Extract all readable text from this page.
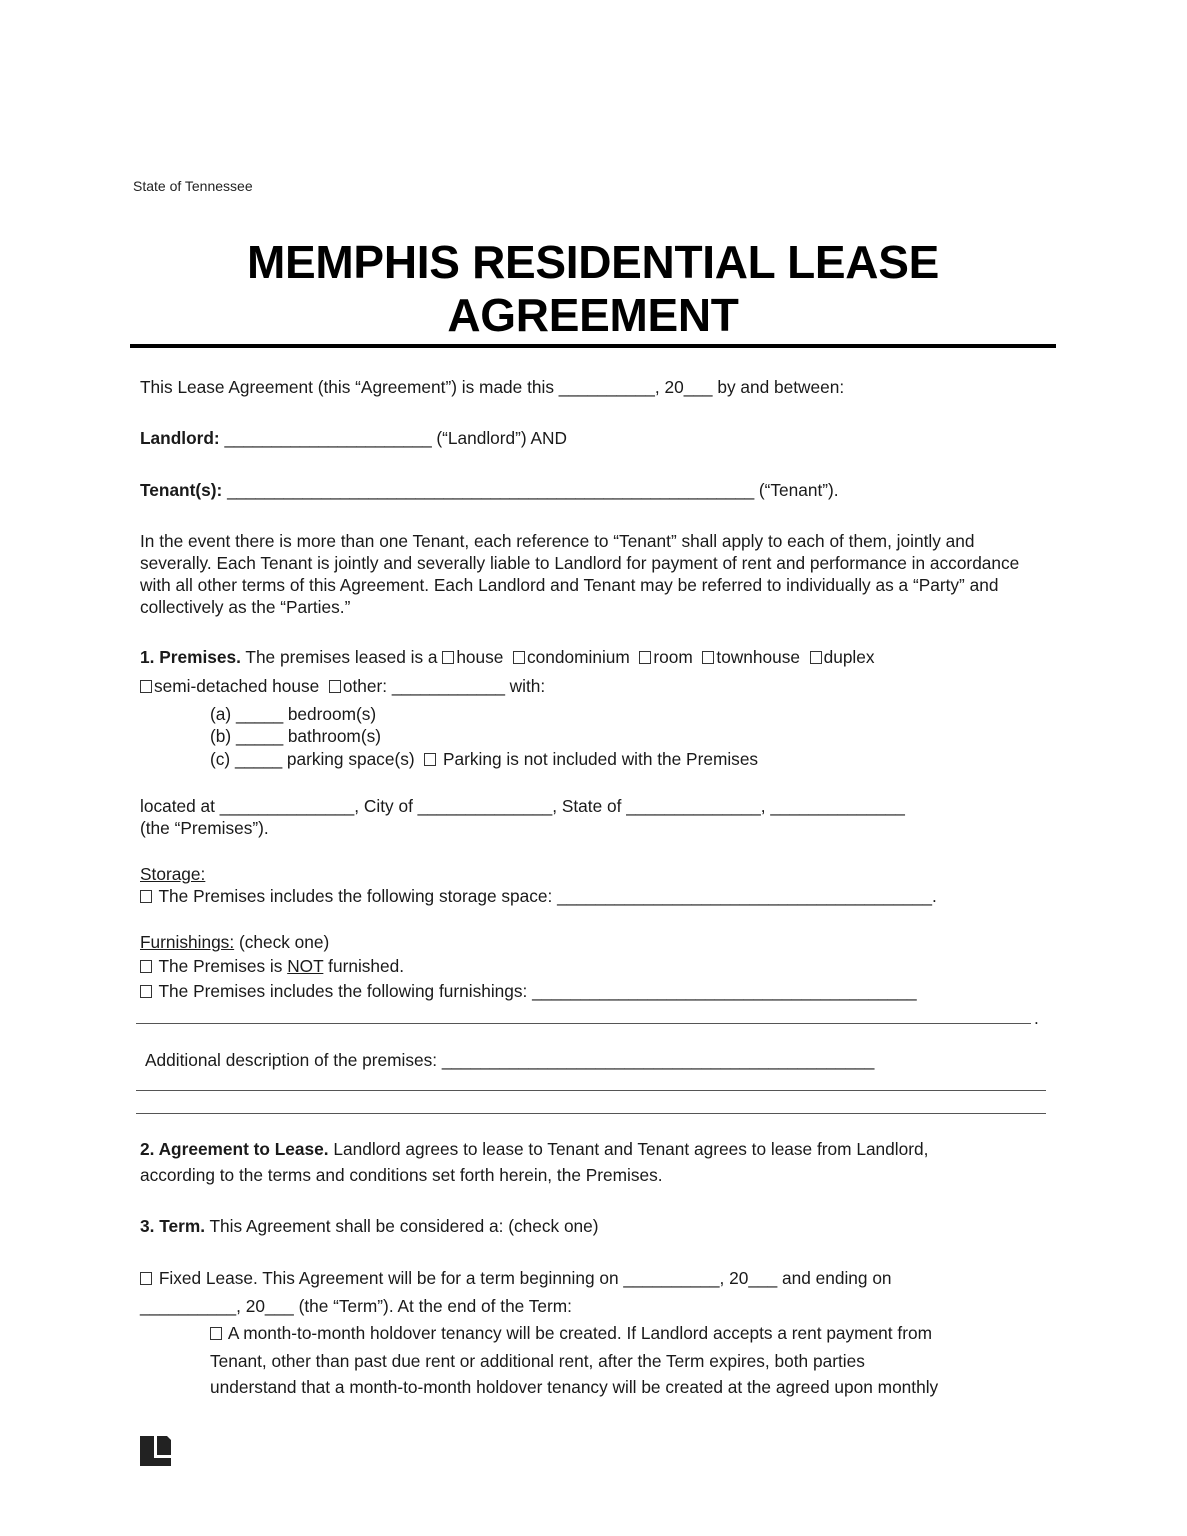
State of Tennessee
MEMPHIS RESIDENTIAL LEASE AGREEMENT
This Lease Agreement (this “Agreement”) is made this __________, 20___ by and between:
Landlord: ______________________ (“Landlord”) AND
Tenant(s): ________________________________________________________ (“Tenant”).
In the event there is more than one Tenant, each reference to “Tenant” shall apply to each of them, jointly and severally. Each Tenant is jointly and severally liable to Landlord for payment of rent and performance in accordance with all other terms of this Agreement. Each Landlord and Tenant may be referred to individually as a “Party” and collectively as the “Parties.”
1. Premises. The premises leased is a house condominium room townhouse duplex
semi-detached house other: ____________ with:
(a) _____ bedroom(s)
(b) _____ bathroom(s)
(c) _____ parking space(s) Parking is not included with the Premises
located at ______________, City of ______________, State of ______________, ______________
(the “Premises”).
Storage:
The Premises includes the following storage space: _______________________________________.
Furnishings: (check one)
The Premises is NOT furnished.
The Premises includes the following furnishings: ________________________________________
.
Additional description of the premises: _____________________________________________
2. Agreement to Lease. Landlord agrees to lease to Tenant and Tenant agrees to lease from Landlord,
according to the terms and conditions set forth herein, the Premises.
3. Term. This Agreement shall be considered a: (check one)
Fixed Lease. This Agreement will be for a term beginning on __________, 20___ and ending on
__________, 20___ (the “Term”). At the end of the Term:
A month-to-month holdover tenancy will be created. If Landlord accepts a rent payment from
Tenant, other than past due rent or additional rent, after the Term expires, both parties
understand that a month-to-month holdover tenancy will be created at the agreed upon monthly
